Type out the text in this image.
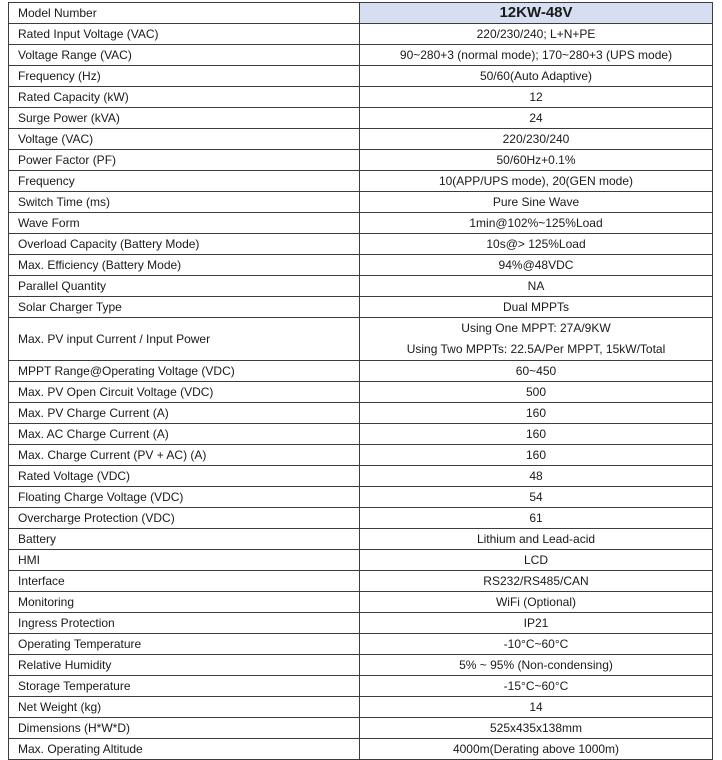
Model Number	12KW-48V
Rated Input Voltage (VAC)	220/230/240; L+N+PE
Voltage Range (VAC)	90~280+3 (normal mode); 170~280+3 (UPS mode)
Frequency (Hz)	50/60(Auto Adaptive)
Rated Capacity (kW)	12
Surge Power (kVA)	24
Voltage (VAC)	220/230/240
Power Factor (PF)	50/60Hz+0.1%
Frequency	10(APP/UPS mode), 20(GEN mode)
Switch Time (ms)	Pure Sine Wave
Wave Form	1min@102%~125%Load
Overload Capacity (Battery Mode)	10s@> 125%Load
Max. Efficiency (Battery Mode)	94%@48VDC
Parallel Quantity	NA
Solar Charger Type	Dual MPPTs
Max. PV input Current / Input Power	Using One MPPT: 27A/9KW
Using Two MPPTs: 22.5A/Per MPPT, 15kW/Total

MPPT Range@Operating Voltage (VDC)	60~450
Max. PV Open Circuit Voltage (VDC)	500
Max. PV Charge Current (A)	160
Max. AC Charge Current (A)	160
Max. Charge Current (PV + AC) (A)	160
Rated Voltage (VDC)	48
Floating Charge Voltage (VDC)	54
Overcharge Protection (VDC)	61
Battery	Lithium and Lead-acid
HMI	LCD
Interface	RS232/RS485/CAN
Monitoring	WiFi (Optional)
Ingress Protection	IP21
Operating Temperature	-10°C~60°C
Relative Humidity	5% ~ 95% (Non-condensing)
Storage Temperature	-15°C~60°C
Net Weight (kg)	14
Dimensions (H*W*D)	525x435x138mm
Max. Operating Altitude	4000m(Derating above 1000m)
